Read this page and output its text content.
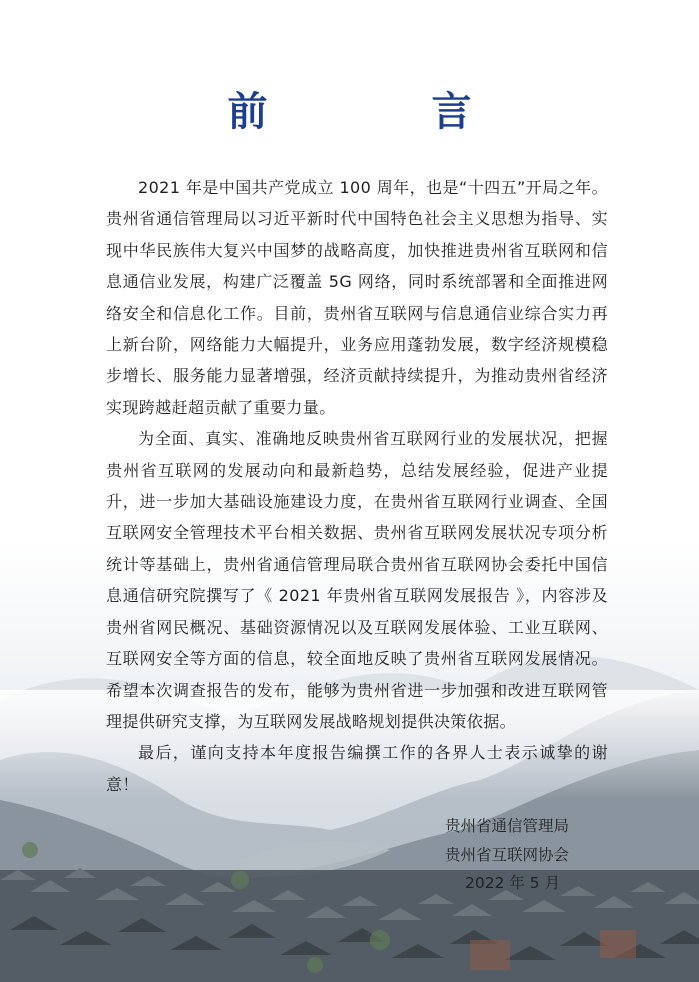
前　言

2021 年是中国共产党成立 100 周年，也是“十四五”开局之年。贵州省通信管理局以习近平新时代中国特色社会主义思想为指导、实现中华民族伟大复兴中国梦的战略高度，加快推进贵州省互联网和信息通信业发展，构建广泛覆盖 5G 网络，同时系统部署和全面推进网络安全和信息化工作。目前，贵州省互联网与信息通信业综合实力再上新台阶，网络能力大幅提升，业务应用蓬勃发展，数字经济规模稳步增长、服务能力显著增强，经济贡献持续提升，为推动贵州省经济实现跨越赶超贡献了重要力量。

为全面、真实、准确地反映贵州省互联网行业的发展状况，把握贵州省互联网的发展动向和最新趋势，总结发展经验，促进产业提升，进一步加大基础设施建设力度，在贵州省互联网行业调查、全国互联网安全管理技术平台相关数据、贵州省互联网发展状况专项分析统计等基础上，贵州省通信管理局联合贵州省互联网协会委托中国信息通信研究院撰写了《 2021 年贵州省互联网发展报告 》，内容涉及贵州省网民概况、基础资源情况以及互联网发展体验、工业互联网、互联网安全等方面的信息，较全面地反映了贵州省互联网发展情况。希望本次调查报告的发布，能够为贵州省进一步加强和改进互联网管理提供研究支撑，为互联网发展战略规划提供决策依据。

最后，谨向支持本年度报告编撰工作的各界人士表示诚挚的谢意！

贵州省通信管理局
贵州省互联网协会
2022 年 5 月
